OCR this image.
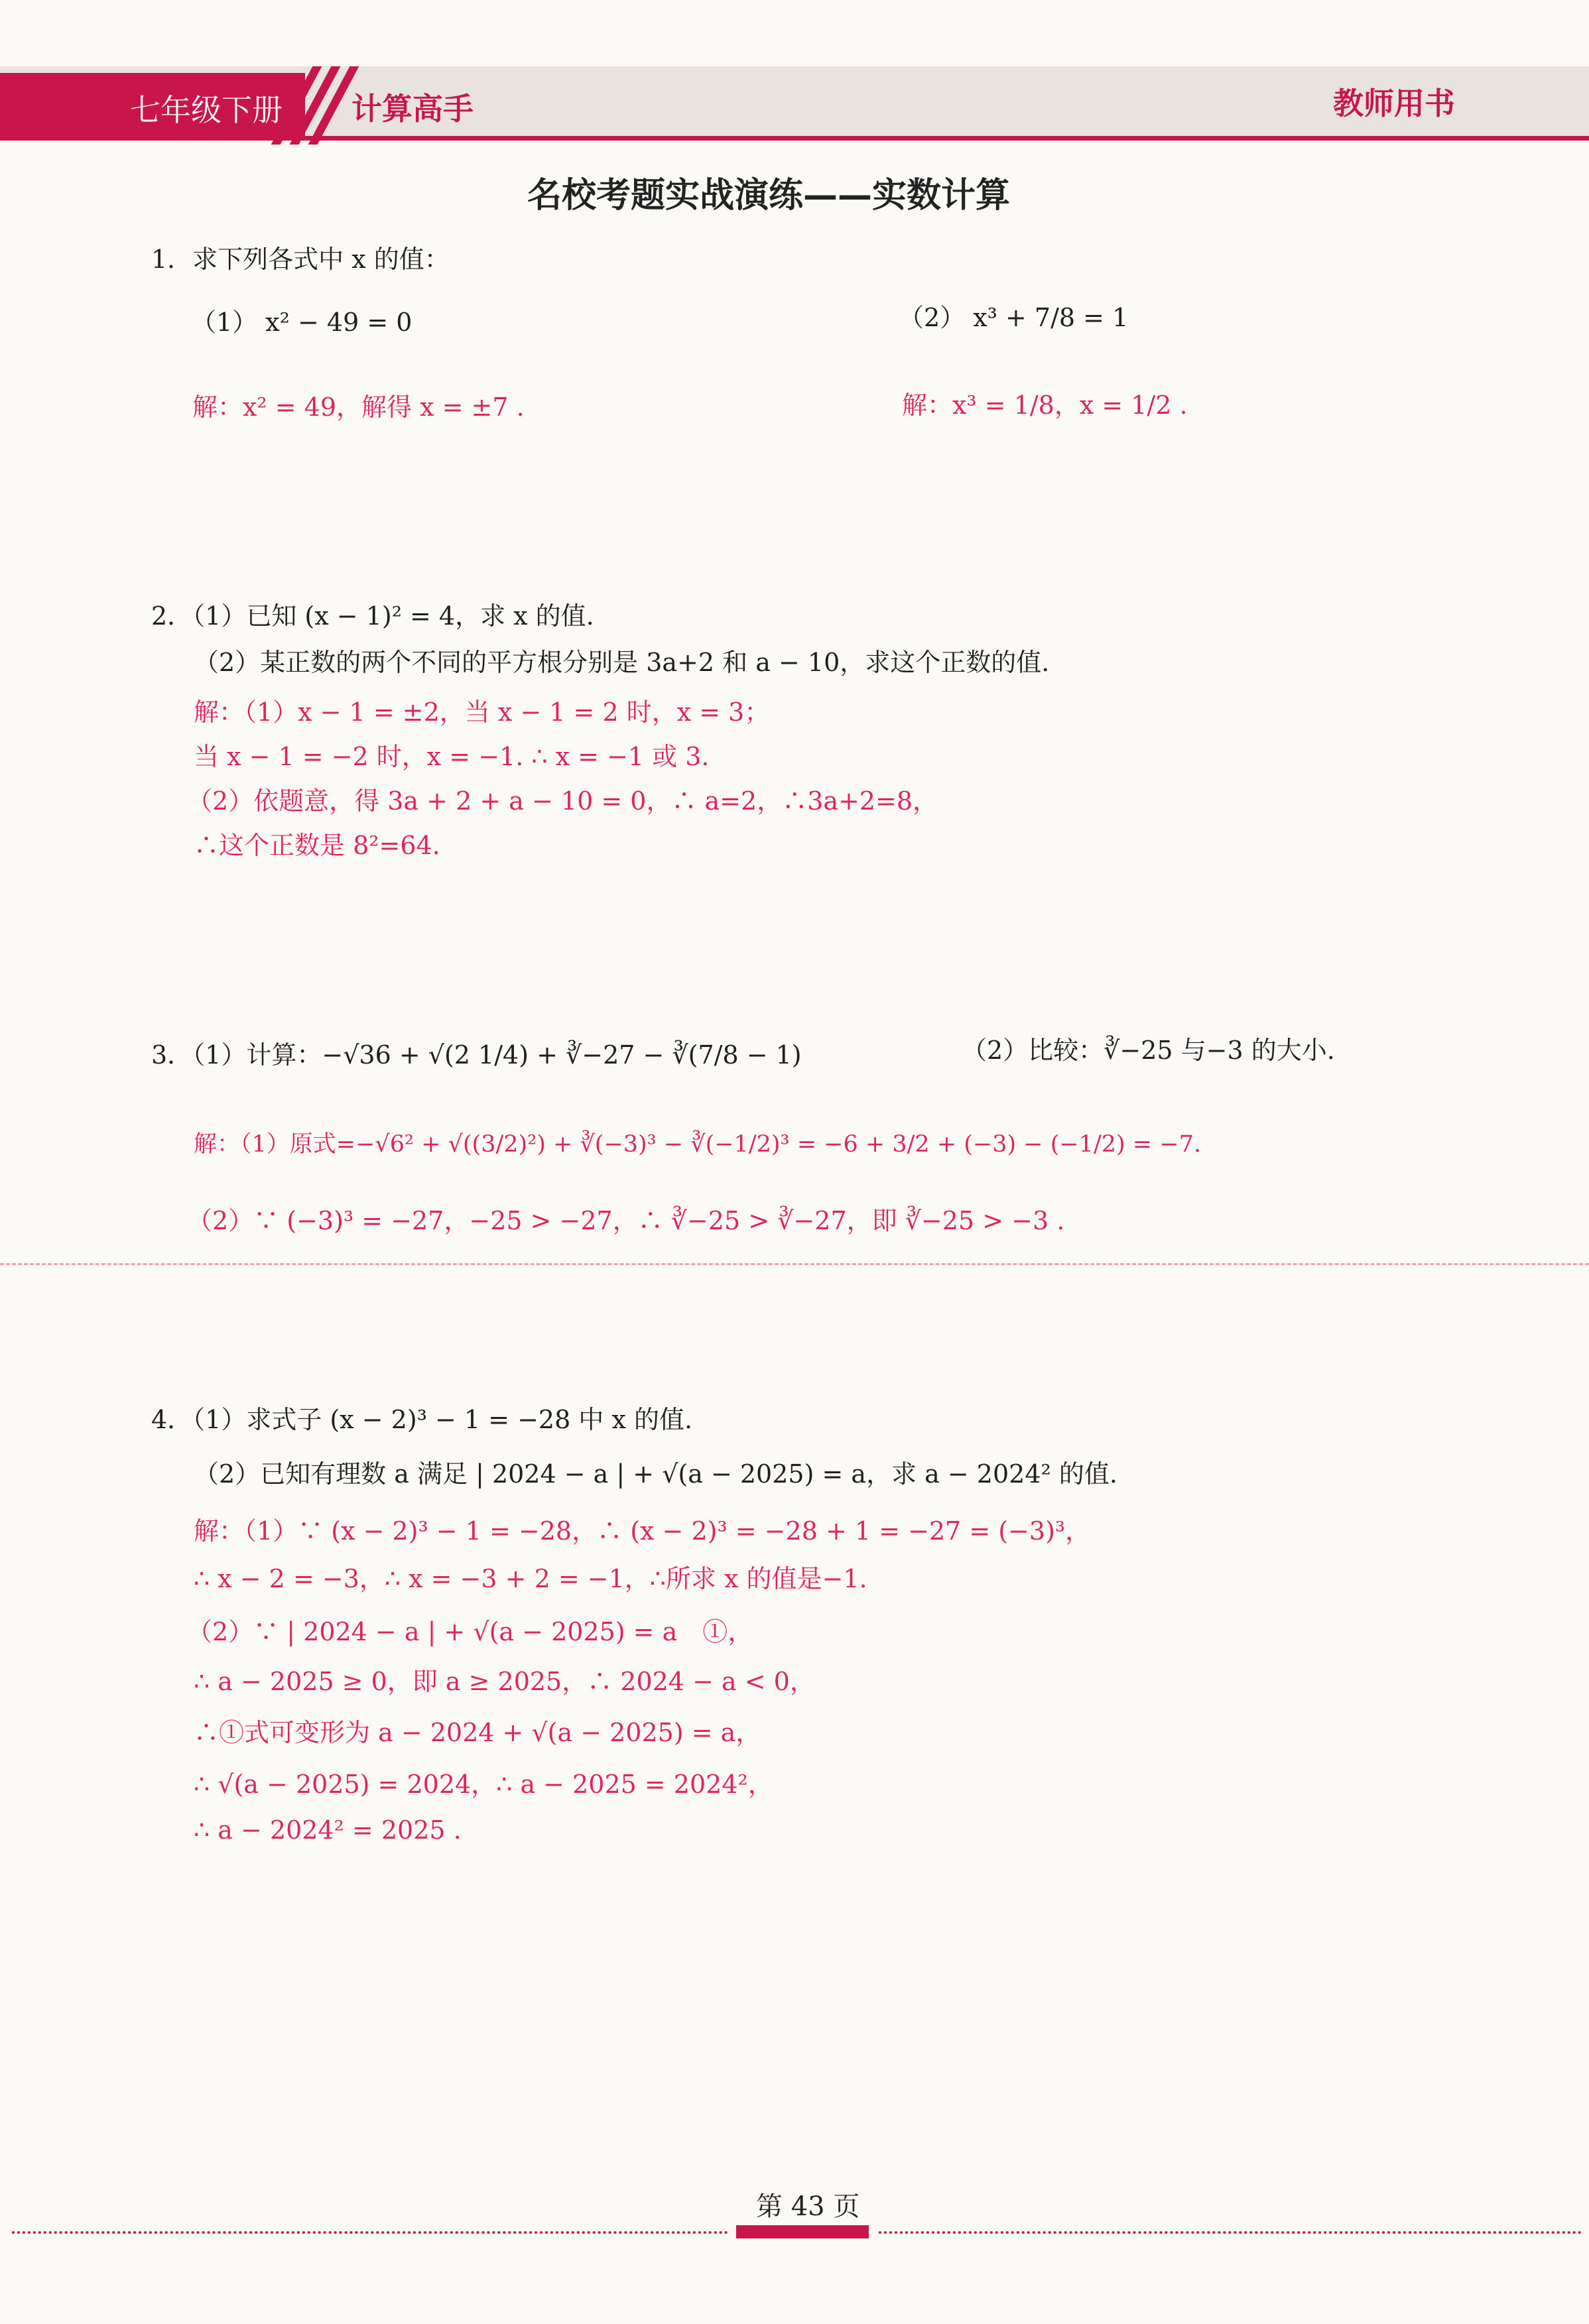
七年级下册 计算高手	教师用书
名校考题实战演练——实数计算
1．求下列各式中 x 的值：
（1） x² − 49 = 0	（2） x³ + 7/8 = 1
解：x² = 49，解得 x = ±7 .	解：x³ = 1/8，x = 1/2 .
2．（1）已知 (x − 1)² = 4，求 x 的值.
（2）某正数的两个不同的平方根分别是 3a+2 和 a − 10，求这个正数的值.
解：（1）x − 1 = ±2，当 x − 1 = 2 时，x = 3；
当 x − 1 = −2 时，x = −1. ∴ x = −1 或 3.
（2）依题意，得 3a + 2 + a − 10 = 0，∴ a=2，∴3a+2=8，
∴这个正数是 8²=64.
3．（1）计算：−√36 + √(2 1/4) + ∛−27 − ∛(7/8 − 1)	（2）比较：∛−25 与−3 的大小.
解：（1）原式=−√6² + √((3/2)²) + ∛(−3)³ − ∛(−1/2)³ = −6 + 3/2 + (−3) − (−1/2) = −7.
（2）∵ (−3)³ = −27，−25 > −27，∴ ∛−25 > ∛−27，即 ∛−25 > −3 .
4．（1）求式子 (x − 2)³ − 1 = −28 中 x 的值.
（2）已知有理数 a 满足 | 2024 − a | + √(a − 2025) = a，求 a − 2024² 的值.
解：（1）∵ (x − 2)³ − 1 = −28，∴ (x − 2)³ = −28 + 1 = −27 = (−3)³，
∴ x − 2 = −3，∴ x = −3 + 2 = −1，∴所求 x 的值是−1.
（2）∵ | 2024 − a | + √(a − 2025) = a　①，
∴ a − 2025 ≥ 0，即 a ≥ 2025，∴ 2024 − a < 0，
∴①式可变形为 a − 2024 + √(a − 2025) = a，
∴ √(a − 2025) = 2024，∴ a − 2025 = 2024²，
∴ a − 2024² = 2025 .
第 43 页
